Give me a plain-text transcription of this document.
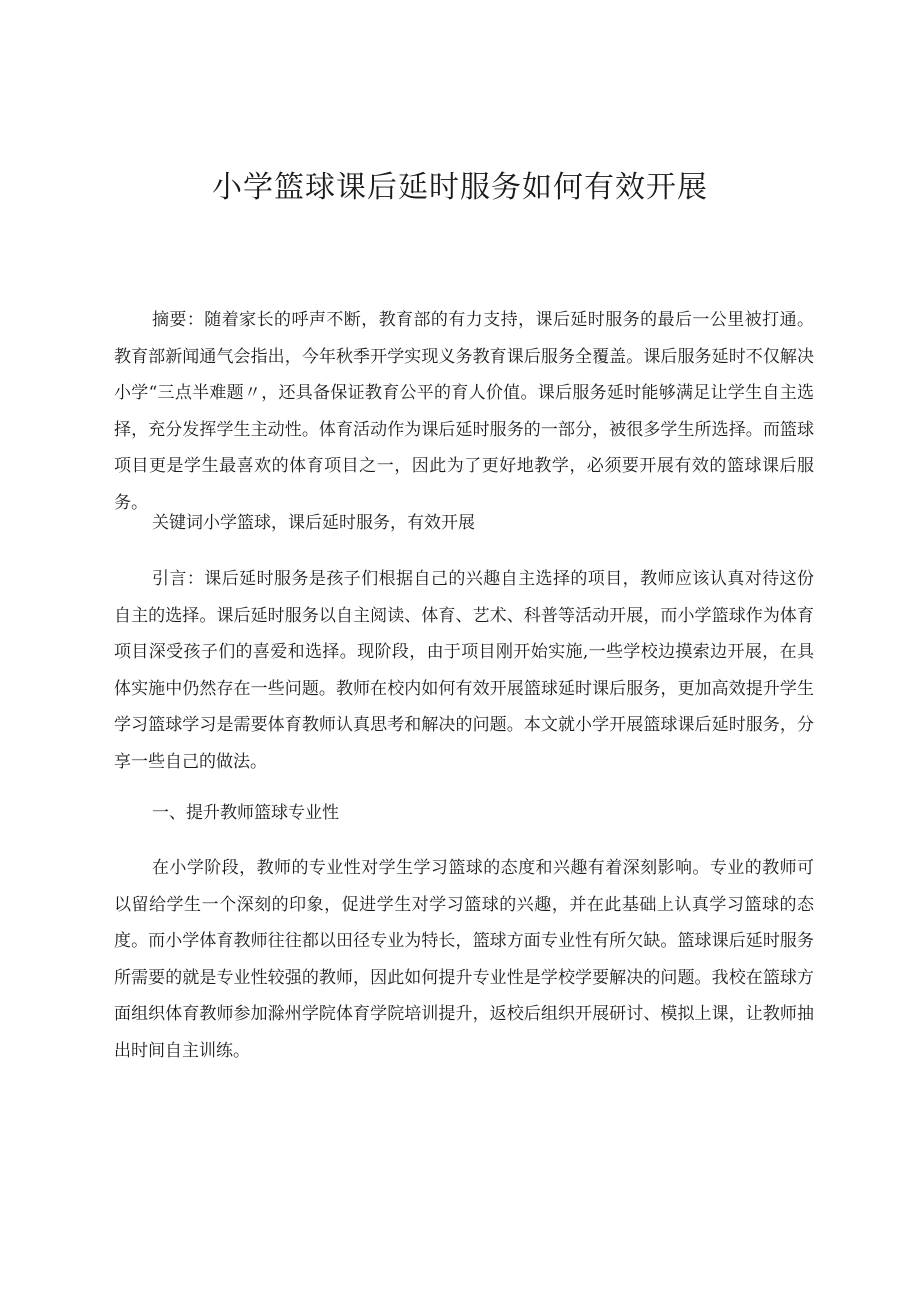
小学篮球课后延时服务如何有效开展

摘要：随着家长的呼声不断，教育部的有力支持，课后延时服务的最后一公里被打通。教育部新闻通气会指出，今年秋季开学实现义务教育课后服务全覆盖。课后服务延时不仅解决小学“三点半难题〃，还具备保证教育公平的育人价值。课后服务延时能够满足让学生自主选择，充分发挥学生主动性。体育活动作为课后延时服务的一部分，被很多学生所选择。而篮球项目更是学生最喜欢的体育项目之一，因此为了更好地教学，必须要开展有效的篮球课后服务。

关键词小学篮球，课后延时服务，有效开展

引言：课后延时服务是孩子们根据自己的兴趣自主选择的项目，教师应该认真对待这份自主的选择。课后延时服务以自主阅读、体育、艺术、科普等活动开展，而小学篮球作为体育项目深受孩子们的喜爱和选择。现阶段，由于项目刚开始实施,一些学校边摸索边开展，在具体实施中仍然存在一些问题。教师在校内如何有效开展篮球延时课后服务，更加高效提升学生学习篮球学习是需要体育教师认真思考和解决的问题。本文就小学开展篮球课后延时服务，分享一些自己的做法。

一、提升教师篮球专业性

在小学阶段，教师的专业性对学生学习篮球的态度和兴趣有着深刻影响。专业的教师可以留给学生一个深刻的印象，促进学生对学习篮球的兴趣，并在此基础上认真学习篮球的态度。而小学体育教师往往都以田径专业为特长，篮球方面专业性有所欠缺。篮球课后延时服务所需要的就是专业性较强的教师，因此如何提升专业性是学校学要解决的问题。我校在篮球方面组织体育教师参加滁州学院体育学院培训提升，返校后组织开展研讨、模拟上课，让教师抽出时间自主训练。
